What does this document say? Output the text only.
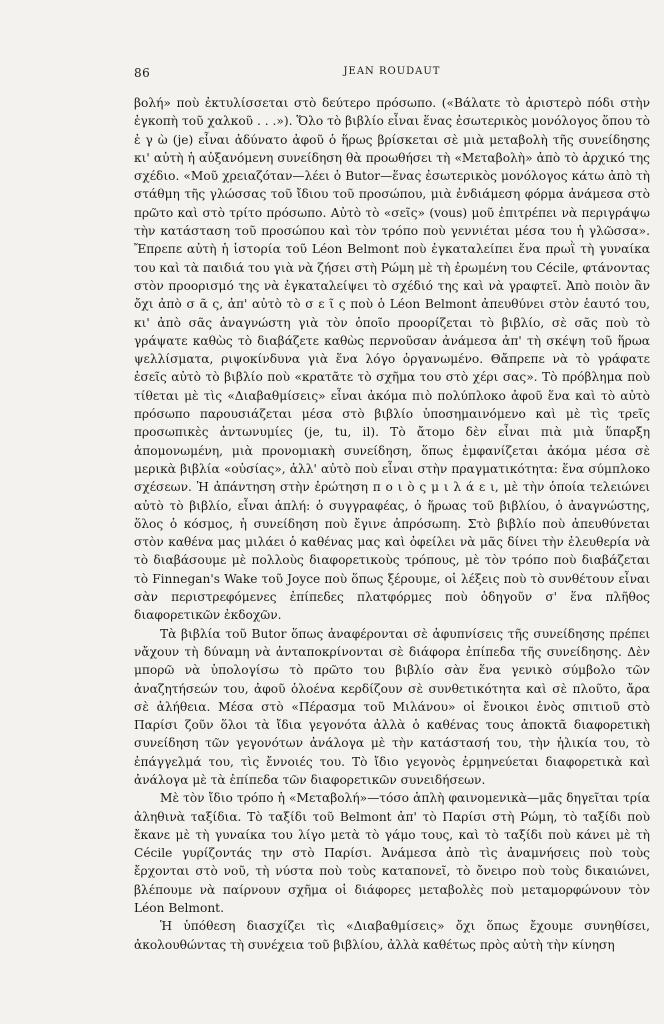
86	JEAN ROUDAUT

βολή» ποὺ ἐκτυλίσσεται στὸ δεύτερο πρόσωπο. («Βάλατε τὸ ἀριστερὸ πόδι στὴν ἐγκοπὴ τοῦ χαλκοῦ . . .»). Ὅλο τὸ βιβλίο εἶναι ἕνας ἐσωτερικὸς μονόλογος ὅπου τὸ ἐ γ ὼ (je) εἶναι ἀδύνατο ἀφοῦ ὁ ἥρως βρίσκεται σὲ μιὰ μεταβολὴ τῆς συνείδησης κι' αὐτὴ ἡ αὐξανόμενη συνείδηση θὰ προωθήσει τὴ «Μεταβολὴ» ἀπὸ τὸ ἀρχικό της σχέδιο. «Μοῦ χρειαζόταν—λέει ὁ Butor—ἕνας ἐσωτερικὸς μονόλογος κάτω ἀπὸ τὴ στάθμη τῆς γλώσσας τοῦ ἴδιου τοῦ προσώπου, μιὰ ἐνδιάμεση φόρμα ἀνάμεσα στὸ πρῶτο καὶ στὸ τρίτο πρόσωπο. Αὐτὸ τὸ «σεῖς» (vous) μοῦ ἐπιτρέπει νὰ περιγράψω τὴν κατάσταση τοῦ προσώπου καὶ τὸν τρόπο ποὺ γεννιέται μέσα του ἡ γλῶσσα». Ἔπρεπε αὐτὴ ἡ ἱστορία τοῦ Léon Belmont ποὺ ἐγκαταλείπει ἕνα πρωῒ τὴ γυναίκα του καὶ τὰ παιδιά του γιὰ νὰ ζήσει στὴ Ρώμη μὲ τὴ ἐρωμένη του Cécile, φτάνοντας στὸν προορισμό της νὰ ἐγκαταλείψει τὸ σχέδιό της καὶ νὰ γραφτεῖ. Ἀπὸ ποιὸν ἂν ὄχι ἀπὸ σ ᾶ ς, ἀπ' αὐτὸ τὸ σ ε ῖ ς ποὺ ὁ Léon Belmont ἀπευθύνει στὸν ἑαυτό του, κι' ἀπὸ σᾶς ἀναγνώστη γιὰ τὸν ὁποῖο προορίζεται τὸ βιβλίο, σὲ σᾶς ποὺ τὸ γράψατε καθὼς τὸ διαβάζετε καθὼς περνοῦσαν ἀνάμεσα ἀπ' τὴ σκέψη τοῦ ἥρωα ψελλίσματα, ριψοκίνδυνα γιὰ ἕνα λόγο ὀργανωμένο. Θἄπρεπε νὰ τὸ γράφατε ἐσεῖς αὐτὸ τὸ βιβλίο ποὺ «κρατᾶτε τὸ σχῆμα του στὸ χέρι σας». Τὸ πρόβλημα ποὺ τίθεται μὲ τὶς «Διαβαθμίσεις» εἶναι ἀκόμα πιὸ πολύπλοκο ἀφοῦ ἕνα καὶ τὸ αὐτὸ πρόσωπο παρουσιάζεται μέσα στὸ βιβλίο ὑποσημαινόμενο καὶ μὲ τὶς τρεῖς προσωπικὲς ἀντωνυμίες (je, tu, il). Τὸ ἄτομο δὲν εἶναι πιὰ μιὰ ὕπαρξη ἀπομονωμένη, μιὰ προνομιακὴ συνείδηση, ὅπως ἐμφανίζεται ἀκόμα μέσα σὲ μερικὰ βιβλία «οὐσίας», ἀλλ' αὐτὸ ποὺ εἶναι στὴν πραγματικότητα: ἕνα σύμπλοκο σχέσεων. Ἡ ἀπάντηση στὴν ἐρώτηση π ο ι ὸ ς μ ι λ ά ε ι, μὲ τὴν ὁποία τελειώνει αὐτὸ τὸ βιβλίο, εἶναι ἁπλή: ὁ συγγραφέας, ὁ ἥρωας τοῦ βιβλίου, ὁ ἀναγνώστης, ὅλος ὁ κόσμος, ἡ συνείδηση ποὺ ἔγινε ἀπρόσωπη. Στὸ βιβλίο ποὺ ἀπευθύνεται στὸν καθένα μας μιλάει ὁ καθένας μας καὶ ὀφείλει νὰ μᾶς δίνει τὴν ἐλευθερία νὰ τὸ διαβάσουμε μὲ πολλοὺς διαφορετικοὺς τρόπους, μὲ τὸν τρόπο ποὺ διαβάζεται τὸ Finnegan's Wake τοῦ Joyce ποὺ ὅπως ξέρουμε, οἱ λέξεις ποὺ τὸ συνθέτουν εἶναι σὰν περιστρεφόμενες ἐπίπεδες πλατφόρμες ποὺ ὁδηγοῦν σ' ἕνα πλῆθος διαφορετικῶν ἐκδοχῶν.

Τὰ βιβλία τοῦ Butor ὅπως ἀναφέρονται σὲ ἀφυπνίσεις τῆς συνείδησης πρέπει νἄχουν τὴ δύναμη νὰ ἀνταποκρίνονται σὲ διάφορα ἐπίπεδα τῆς συνείδησης. Δὲν μπορῶ νὰ ὑπολογίσω τὸ πρῶτο του βιβλίο σὰν ἕνα γενικὸ σύμβολο τῶν ἀναζητήσεών του, ἀφοῦ ὁλοένα κερδίζουν σὲ συνθετικότητα καὶ σὲ πλοῦτο, ἄρα σὲ ἀλήθεια. Μέσα στὸ «Πέρασμα τοῦ Μιλάνου» οἱ ἔνοικοι ἑνὸς σπιτιοῦ στὸ Παρίσι ζοῦν ὅλοι τὰ ἴδια γεγονότα ἀλλὰ ὁ καθένας τους ἀποκτᾶ διαφορετικὴ συνείδηση τῶν γεγονότων ἀνάλογα μὲ τὴν κατάστασή του, τὴν ἡλικία του, τὸ ἐπάγγελμά του, τὶς ἔννοιές του. Τὸ ἴδιο γεγονὸς ἑρμηνεύεται διαφορετικὰ καὶ ἀνάλογα μὲ τὰ ἐπίπεδα τῶν διαφορετικῶν συνειδήσεων.

Μὲ τὸν ἴδιο τρόπο ἡ «Μεταβολή»—τόσο ἁπλὴ φαινομενικὰ—μᾶς δηγεῖται τρία ἀληθινὰ ταξίδια. Τὸ ταξίδι τοῦ Belmont ἀπ' τὸ Παρίσι στὴ Ρώμη, τὸ ταξίδι ποὺ ἔκανε μὲ τὴ γυναίκα του λίγο μετὰ τὸ γάμο τους, καὶ τὸ ταξίδι ποὺ κάνει μὲ τὴ Cécile γυρίζοντάς την στὸ Παρίσι. Ἀνάμεσα ἀπὸ τὶς ἀναμνήσεις ποὺ τοὺς ἔρχονται στὸ νοῦ, τὴ νύστα ποὺ τοὺς καταπονεῖ, τὸ ὄνειρο ποὺ τοὺς δικαιώνει, βλέπουμε νὰ παίρνουν σχῆμα οἱ διάφορες μεταβολὲς ποὺ μεταμορφώνουν τὸν Léon Belmont.

Ἡ ὑπόθεση διασχίζει τὶς «Διαβαθμίσεις» ὄχι ὅπως ἔχουμε συνηθίσει, ἀκολουθώντας τὴ συνέχεια τοῦ βιβλίου, ἀλλὰ καθέτως πρὸς αὐτὴ τὴν κίνηση
